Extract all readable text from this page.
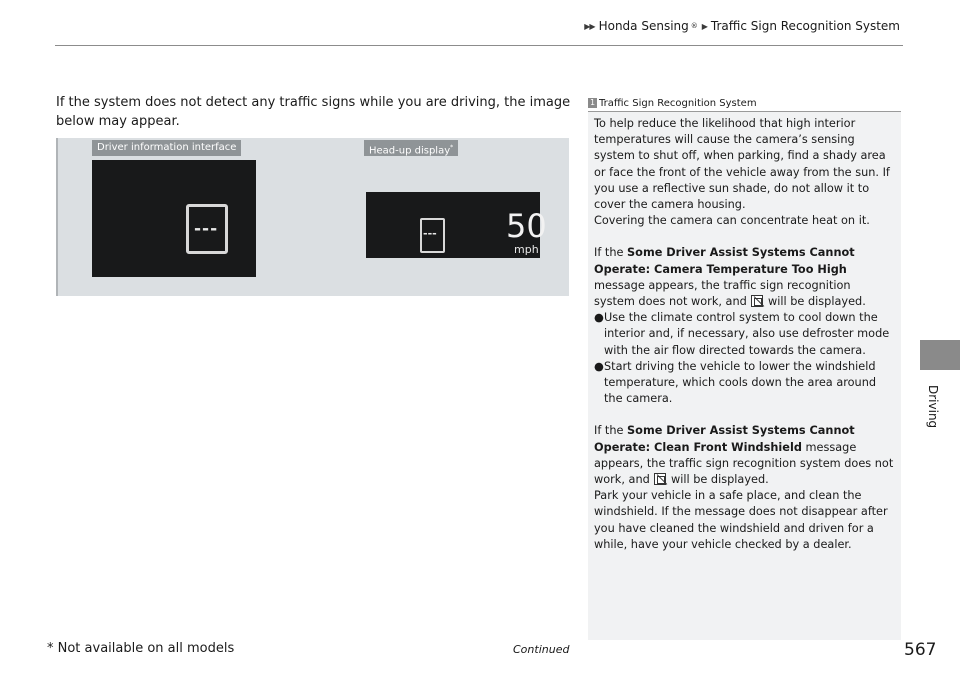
▶▶ Honda Sensing ® ▶ Traffic Sign Recognition System
Driving
If the system does not detect any traffic signs while you are driving, the image below may appear.
Driver information interface	Head-up display*
---	--- 50
mph
1 Traffic Sign Recognition System

To help reduce the likelihood that high interior temperatures will cause the camera’s sensing system to shut off, when parking, find a shady area or face the front of the vehicle away from the sun. If you use a reflective sun shade, do not allow it to cover the camera housing.

Covering the camera can concentrate heat on it.

If the Some Driver Assist Systems Cannot Operate: Camera Temperature Too High message appears, the traffic sign recognition system does not work, and will be displayed.

● Use the climate control system to cool down the interior and, if necessary, also use defroster mode with the air flow directed towards the camera.
● Start driving the vehicle to lower the windshield temperature, which cools down the area around the camera.

If the Some Driver Assist Systems Cannot Operate: Clean Front Windshield message appears, the traffic sign recognition system does not work, and will be displayed.

Park your vehicle in a safe place, and clean the windshield. If the message does not disappear after you have cleaned the windshield and driven for a while, have your vehicle checked by a dealer.

* Not available on all models	Continued	567
